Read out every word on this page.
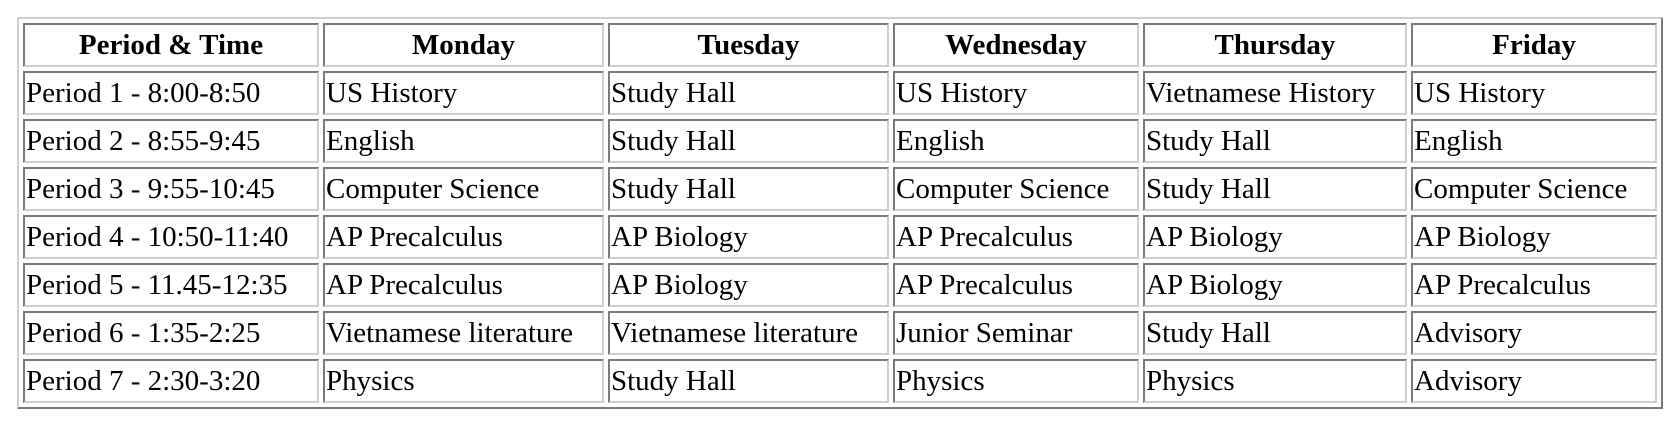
Period & Time	Monday	Tuesday	Wednesday	Thursday	Friday
Period 1 - 8:00-8:50	US History	Study Hall	US History	Vietnamese History	US History
Period 2 - 8:55-9:45	English	Study Hall	English	Study Hall	English
Period 3 - 9:55-10:45	Computer Science	Study Hall	Computer Science	Study Hall	Computer Science
Period 4 - 10:50-11:40	AP Precalculus	AP Biology	AP Precalculus	AP Biology	AP Biology
Period 5 - 11.45-12:35	AP Precalculus	AP Biology	AP Precalculus	AP Biology	AP Precalculus
Period 6 - 1:35-2:25	Vietnamese literature	Vietnamese literature	Junior Seminar	Study Hall	Advisory
Period 7 - 2:30-3:20	Physics	Study Hall	Physics	Physics	Advisory
